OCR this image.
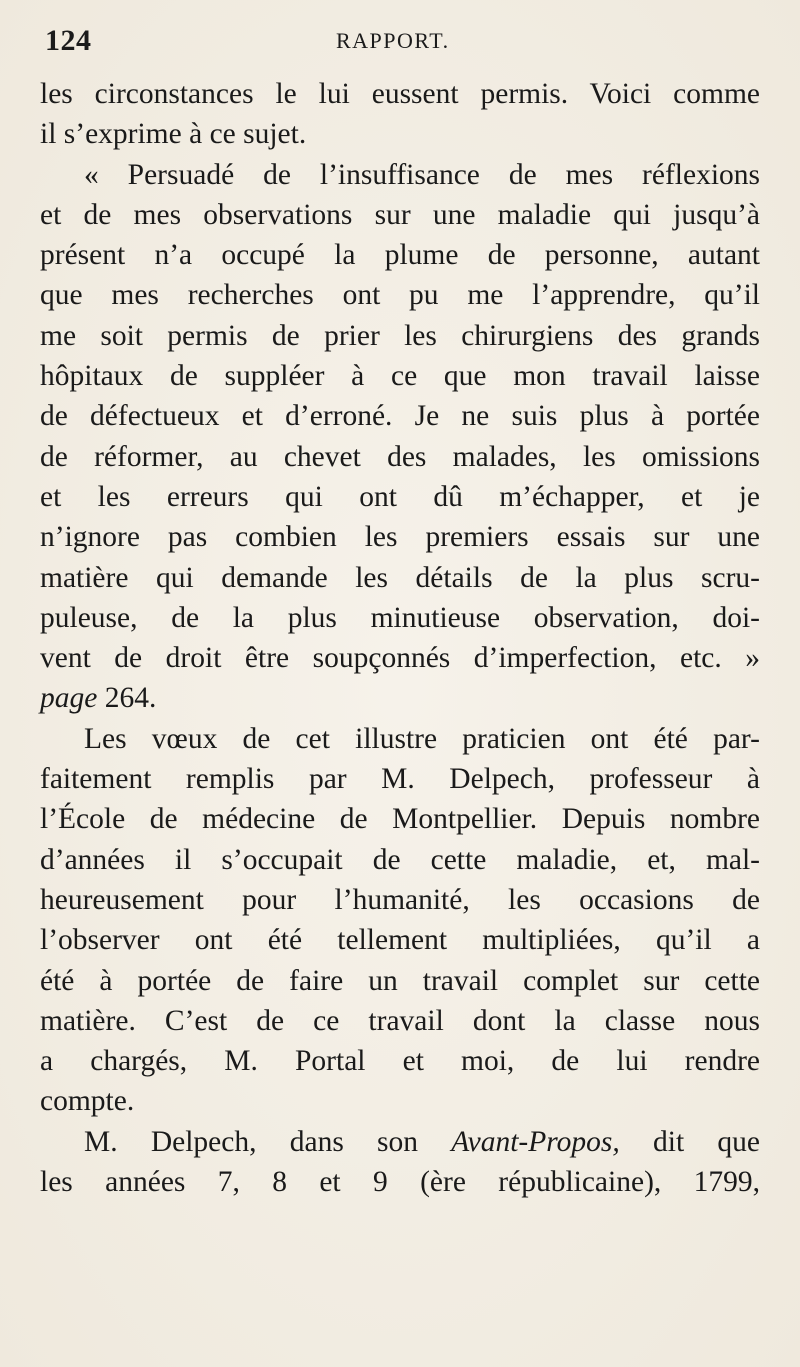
124	RAPPORT.
les circonstances le lui eussent permis. Voici comme
il s’exprime à ce sujet.
« Persuadé de l’insuffisance de mes réflexions
et de mes observations sur une maladie qui jusqu’à
présent n’a occupé la plume de personne, autant
que mes recherches ont pu me l’apprendre, qu’il
me soit permis de prier les chirurgiens des grands
hôpitaux de suppléer à ce que mon travail laisse
de défectueux et d’erroné. Je ne suis plus à portée
de réformer, au chevet des malades, les omissions
et les erreurs qui ont dû m’échapper, et je
n’ignore pas combien les premiers essais sur une
matière qui demande les détails de la plus scru-
puleuse, de la plus minutieuse observation, doi-
vent de droit être soupçonnés d’imperfection, etc. »
page 264.
Les vœux de cet illustre praticien ont été par-
faitement remplis par M. Delpech, professeur à
l’École de médecine de Montpellier. Depuis nombre
d’années il s’occupait de cette maladie, et, mal-
heureusement pour l’humanité, les occasions de
l’observer ont été tellement multipliées, qu’il a
été à portée de faire un travail complet sur cette
matière. C’est de ce travail dont la classe nous
a chargés, M. Portal et moi, de lui rendre
compte.
M. Delpech, dans son Avant-Propos, dit que
les années 7, 8 et 9 (ère républicaine), 1799,
